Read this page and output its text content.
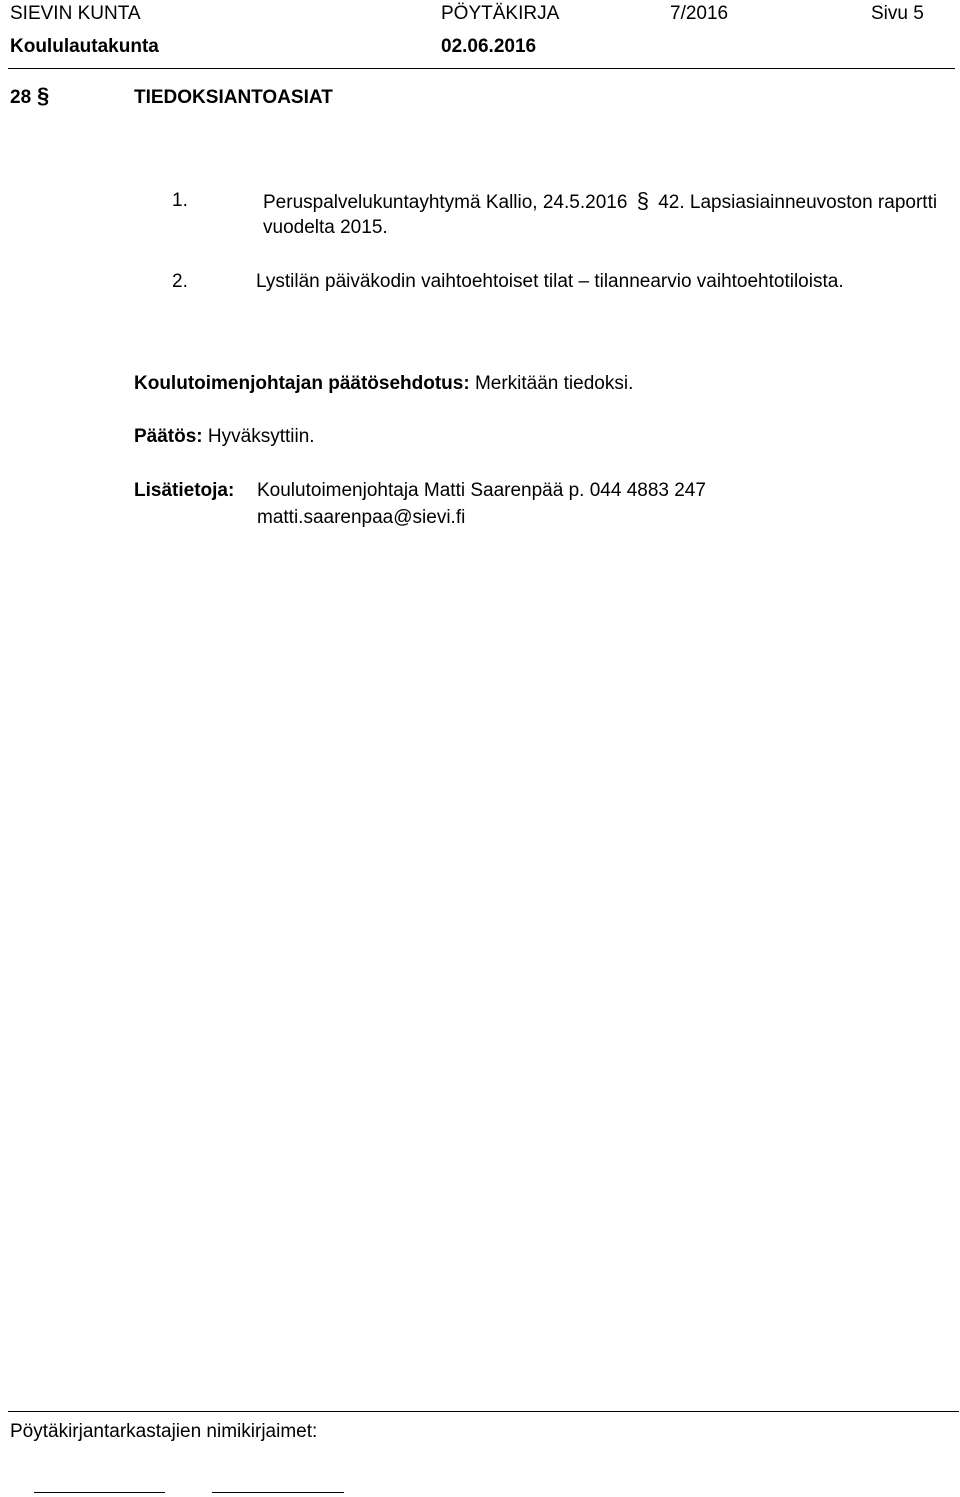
SIEVIN KUNTA	PÖYTÄKIRJA	7/2016	Sivu 5
Koululautakunta	02.06.2016
28 §	TIEDOKSIANTOASIAT
1.	Peruspalvelukuntayhtymä Kallio, 24.5.2016 § 42. Lapsiasiainneuvoston raportti
vuodelta 2015.
2.	Lystilän päiväkodin vaihtoehtoiset tilat – tilannearvio vaihtoehtotiloista.
Koulutoimenjohtajan päätösehdotus: Merkitään tiedoksi.
Päätös: Hyväksyttiin.
Lisätietoja: Koulutoimenjohtaja Matti Saarenpää p. 044 4883 247
matti.saarenpaa@sievi.fi
Pöytäkirjantarkastajien nimikirjaimet:
